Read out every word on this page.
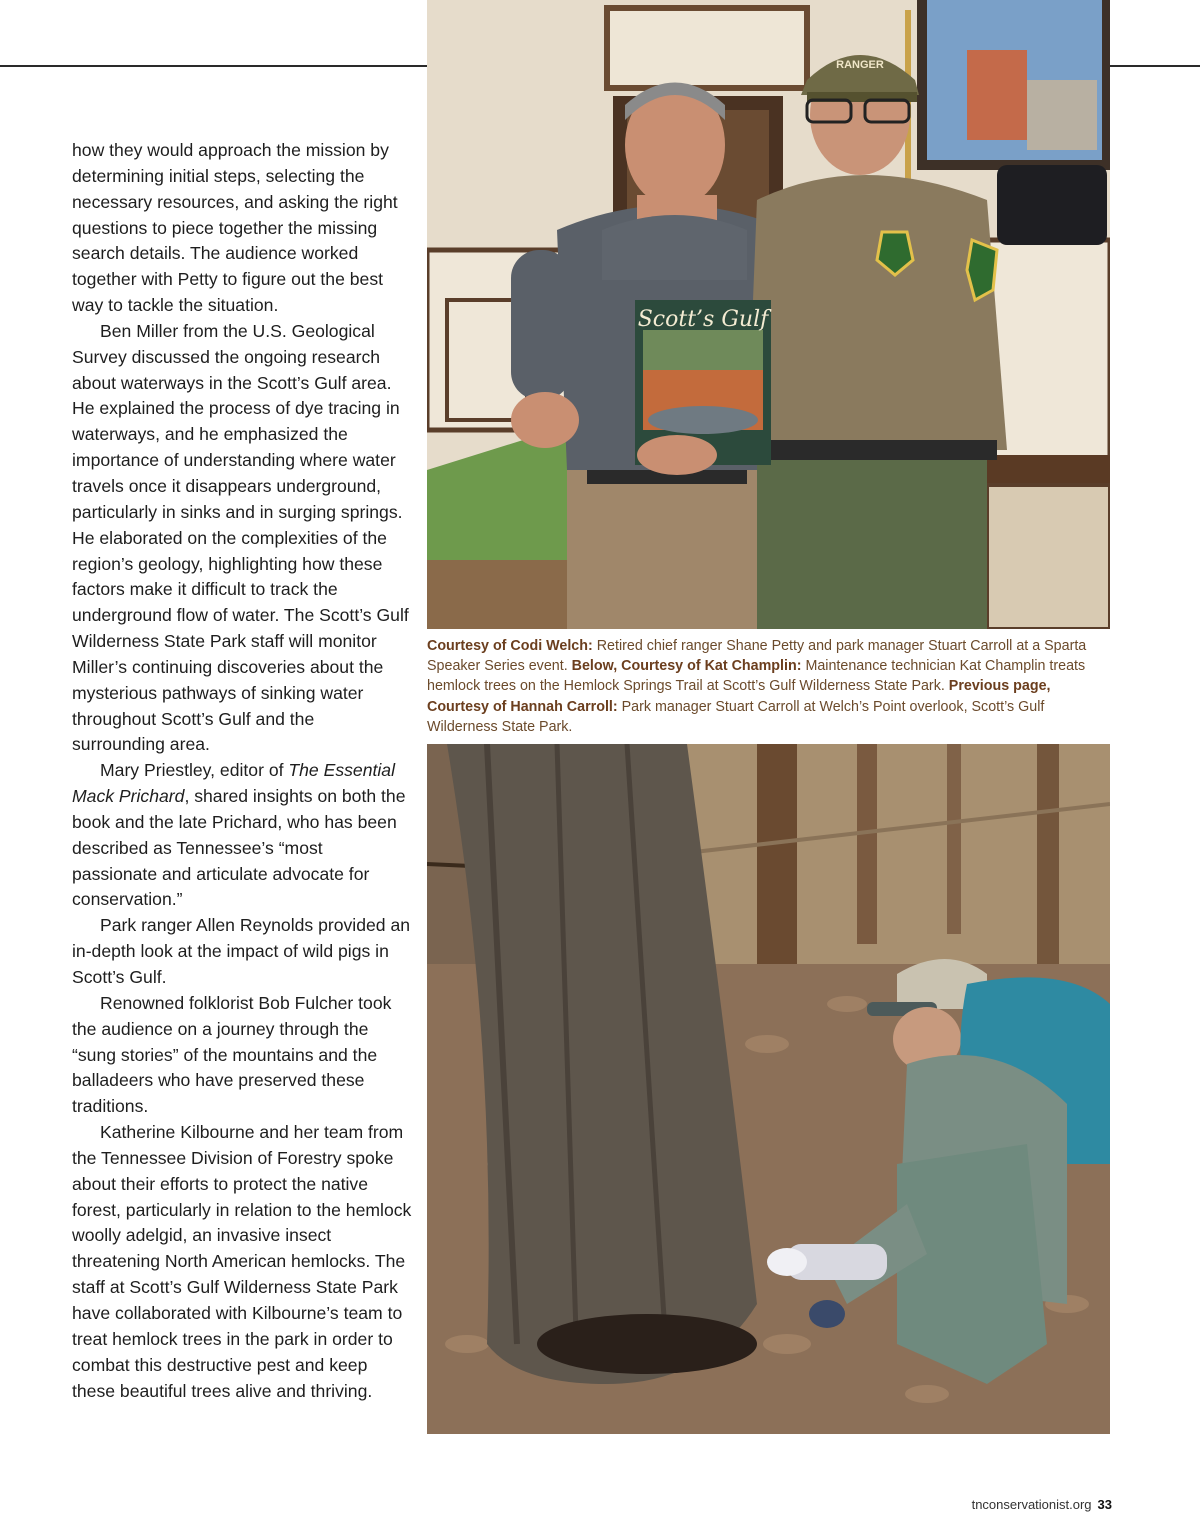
how they would approach the mission by determining initial steps, selecting the necessary resources, and asking the right questions to piece together the missing search details. The audience worked together with Petty to figure out the best way to tackle the situation.

Ben Miller from the U.S. Geological Survey discussed the ongoing research about waterways in the Scott’s Gulf area. He explained the process of dye tracing in waterways, and he emphasized the importance of understanding where water travels once it disappears underground, particularly in sinks and in surging springs. He elaborated on the complexities of the region’s geology, highlighting how these factors make it difficult to track the underground flow of water. The Scott’s Gulf Wilderness State Park staff will monitor Miller’s continuing discoveries about the mysterious pathways of sinking water throughout Scott’s Gulf and the surrounding area.

Mary Priestley, editor of The Essential Mack Prichard, shared insights on both the book and the late Prichard, who has been described as Tennessee’s “most passionate and articulate advocate for conservation.”

Park ranger Allen Reynolds provided an in-depth look at the impact of wild pigs in Scott’s Gulf.

Renowned folklorist Bob Fulcher took the audience on a journey through the “sung stories” of the mountains and the balladeers who have preserved these traditions.

Katherine Kilbourne and her team from the Tennessee Division of Forestry spoke about their efforts to protect the native forest, particularly in relation to the hemlock woolly adelgid, an invasive insect threatening North American hemlocks. The staff at Scott’s Gulf Wilderness State Park have collaborated with Kilbourne’s team to treat hemlock trees in the park in order to combat this destructive pest and keep these beautiful trees alive and thriving.

RANGER
Scott’s Gulf
Courtesy of Codi Welch: Retired chief ranger Shane Petty and park manager Stuart Carroll at a Sparta Speaker Series event. Below, Courtesy of Kat Champlin: Maintenance technician Kat Champlin treats hemlock trees on the Hemlock Springs Trail at Scott’s Gulf Wilderness State Park. Previous page, Courtesy of Hannah Carroll: Park manager Stuart Carroll at Welch’s Point overlook, Scott’s Gulf Wilderness State Park.
tnconservationist.org 33
